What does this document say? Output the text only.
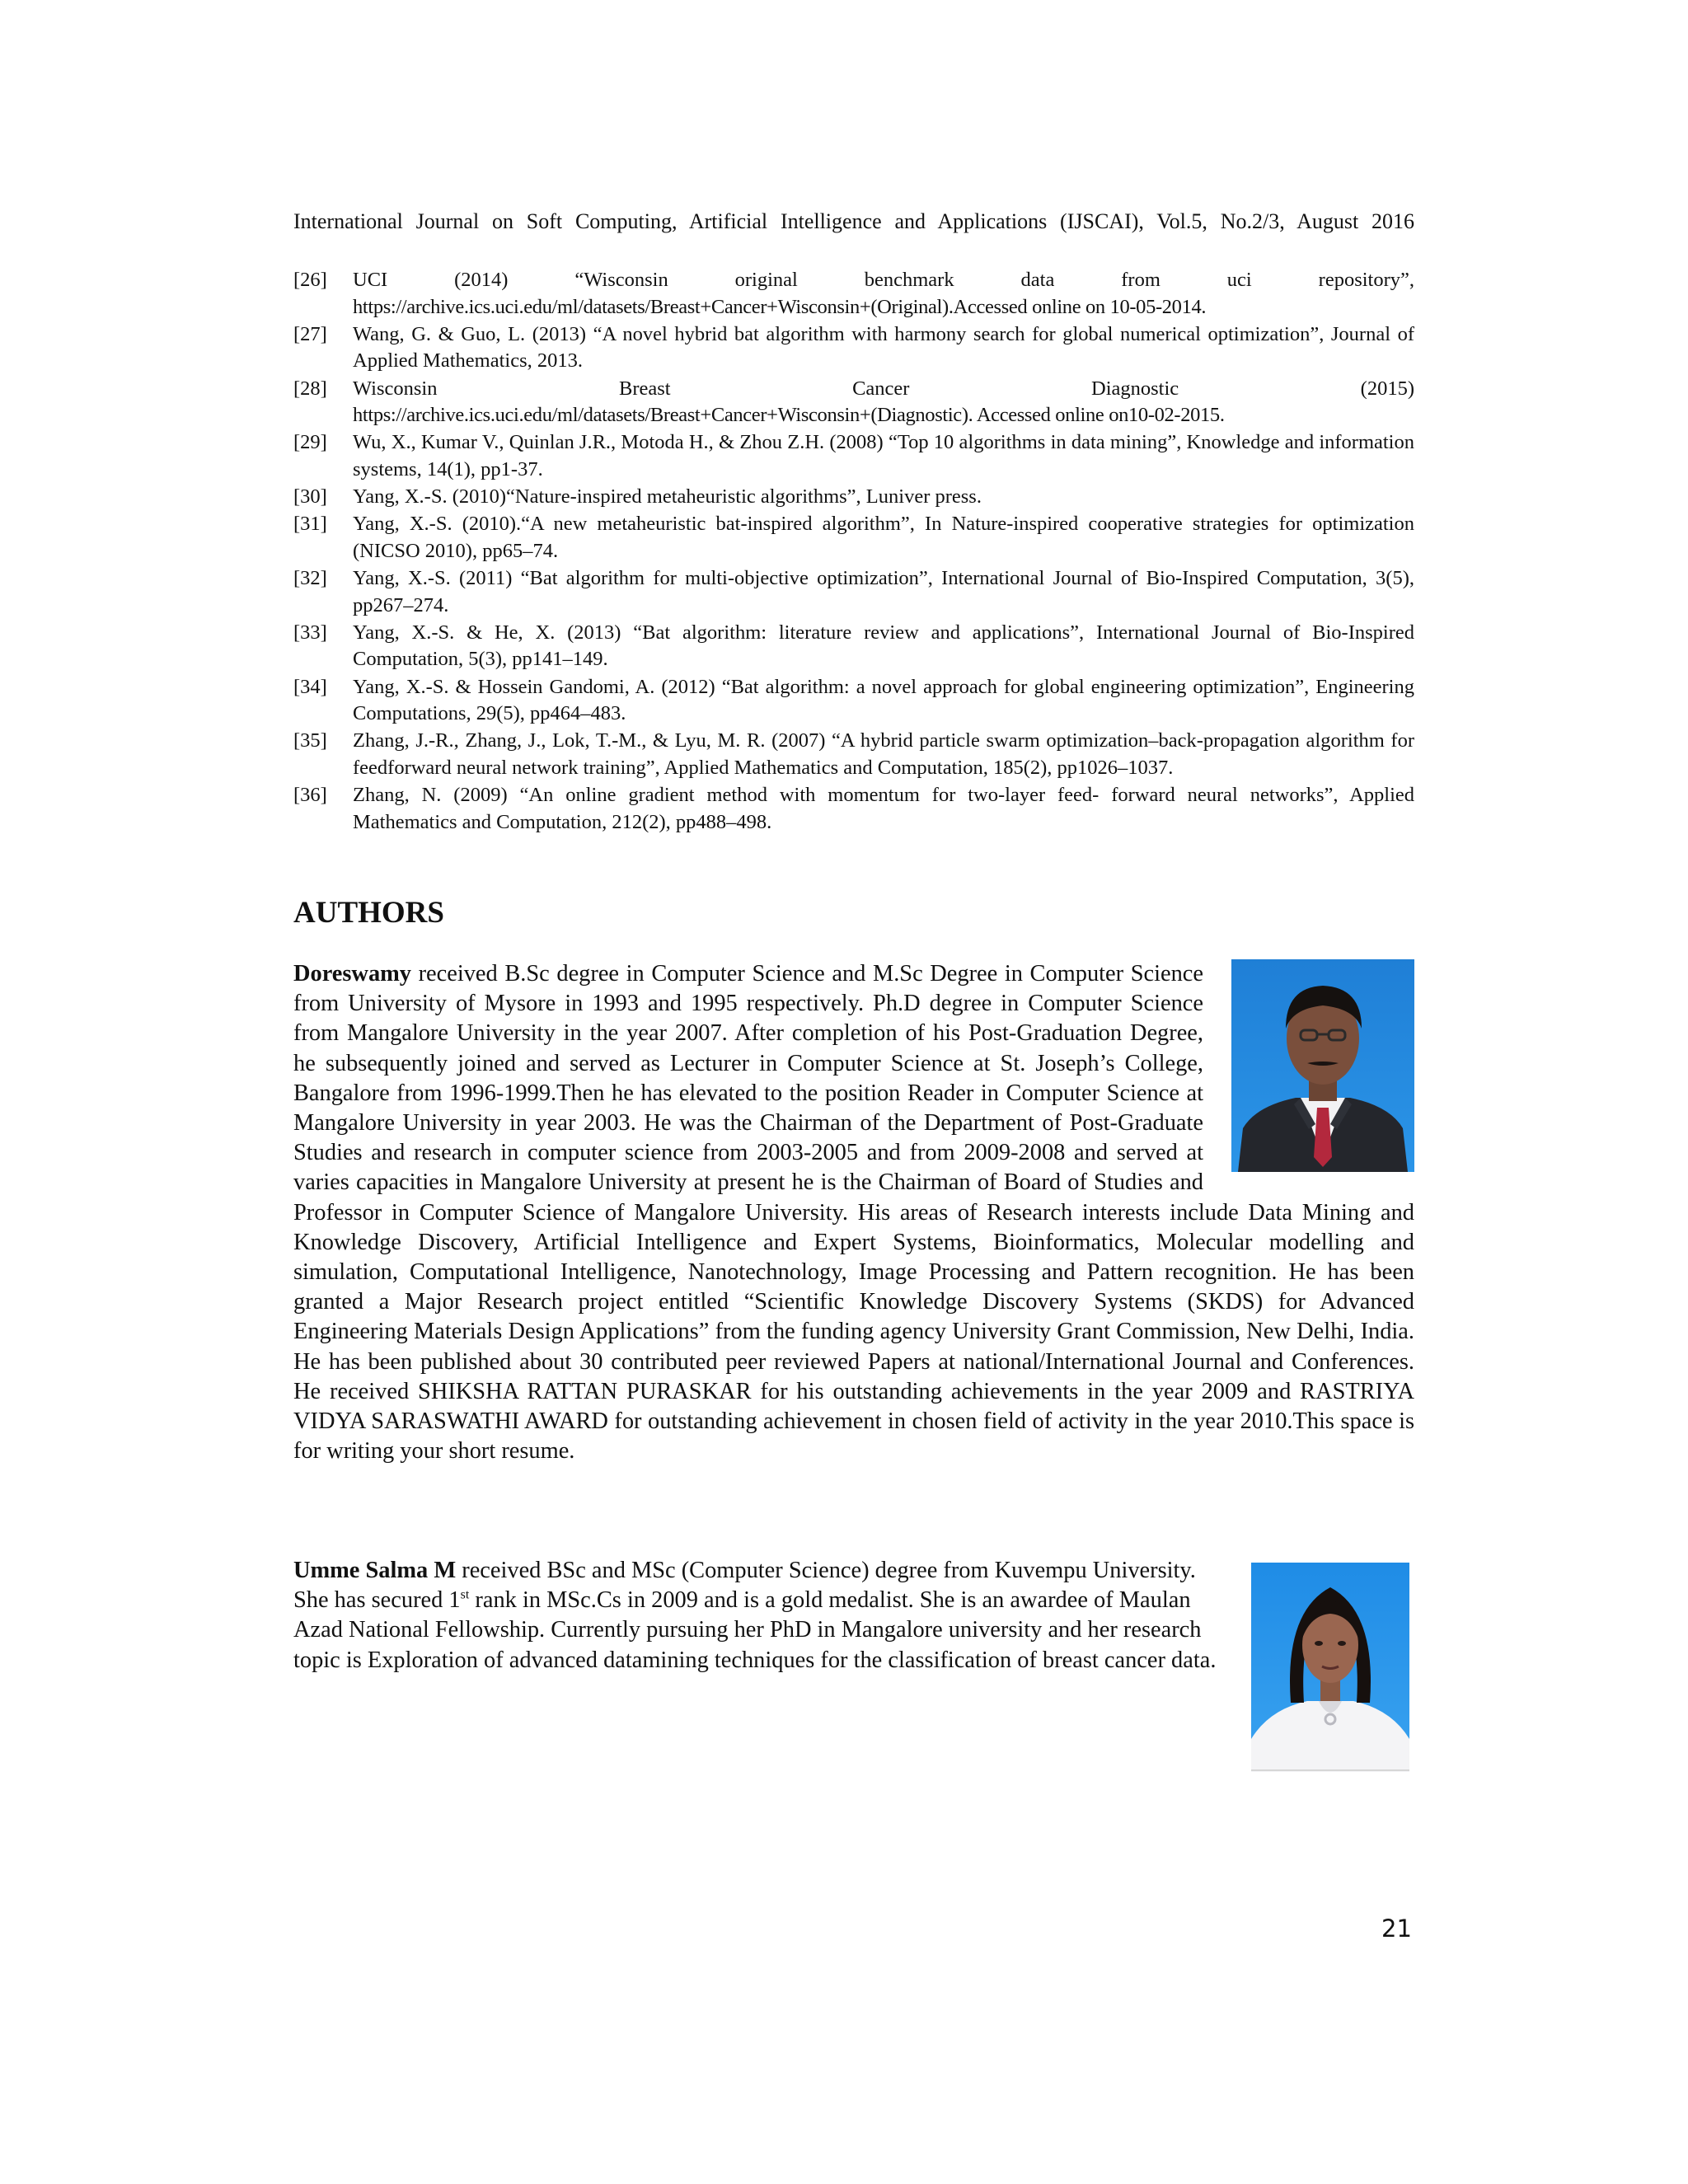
International Journal on Soft Computing, Artificial Intelligence and Applications (IJSCAI), Vol.5, No.2/3, August 2016
[26]	UCI (2014) “Wisconsin original benchmark data from uci repository”,
https://archive.ics.uci.edu/ml/datasets/Breast+Cancer+Wisconsin+(Original).Accessed online on 10-05-2014.
[27]	Wang, G. & Guo, L. (2013) “A novel hybrid bat algorithm with harmony search for global numerical optimization”, Journal of Applied Mathematics, 2013.
[28]	Wisconsin Breast Cancer Diagnostic (2015)
https://archive.ics.uci.edu/ml/datasets/Breast+Cancer+Wisconsin+(Diagnostic). Accessed online on10-02-2015.
[29]	Wu, X., Kumar V., Quinlan J.R., Motoda H., & Zhou Z.H. (2008) “Top 10 algorithms in data mining”, Knowledge and information systems, 14(1), pp1-37.
[30]	Yang, X.-S. (2010)“Nature-inspired metaheuristic algorithms”, Luniver press.
[31]	Yang, X.-S. (2010).“A new metaheuristic bat-inspired algorithm”, In Nature-inspired cooperative strategies for optimization (NICSO 2010), pp65–74.
[32]	Yang, X.-S. (2011) “Bat algorithm for multi-objective optimization”, International Journal of Bio-Inspired Computation, 3(5), pp267–274.
[33]	Yang, X.-S. & He, X. (2013) “Bat algorithm: literature review and applications”, International Journal of Bio-Inspired Computation, 5(3), pp141–149.
[34]	Yang, X.-S. & Hossein Gandomi, A. (2012) “Bat algorithm: a novel approach for global engineering optimization”, Engineering Computations, 29(5), pp464–483.
[35]	Zhang, J.-R., Zhang, J., Lok, T.-M., & Lyu, M. R. (2007) “A hybrid particle swarm optimization–back-propagation algorithm for feedforward neural network training”, Applied Mathematics and Computation, 185(2), pp1026–1037.
[36]	Zhang, N. (2009) “An online gradient method with momentum for two-layer feed- forward neural networks”, Applied Mathematics and Computation, 212(2), pp488–498.
AUTHORS
Doreswamy received B.Sc degree in Computer Science and M.Sc Degree in Computer Science from University of Mysore in 1993 and 1995 respectively. Ph.D degree in Computer Science from Mangalore University in the year 2007. After completion of his Post-Graduation Degree, he subsequently joined and served as Lecturer in Computer Science at St. Joseph’s College, Bangalore from 1996-1999.Then he has elevated to the position Reader in Computer Science at Mangalore University in year 2003. He was the Chairman of the Department of Post-Graduate Studies and research in computer science from 2003-2005 and from 2009-2008 and served at varies capacities in Mangalore University at present he is the Chairman of Board of Studies and Professor in Computer Science of Mangalore University. His areas of Research interests include Data Mining and Knowledge Discovery, Artificial Intelligence and Expert Systems, Bioinformatics, Molecular modelling and simulation, Computational Intelligence, Nanotechnology, Image Processing and Pattern recognition. He has been granted a Major Research project entitled “Scientific Knowledge Discovery Systems (SKDS) for Advanced Engineering Materials Design Applications” from the funding agency University Grant Commission, New Delhi, India. He has been published about 30 contributed peer reviewed Papers at national/International Journal and Conferences. He received SHIKSHA RATTAN PURASKAR for his outstanding achievements in the year 2009 and RASTRIYA VIDYA SARASWATHI AWARD for outstanding achievement in chosen field of activity in the year 2010.This space is for writing your short resume.
Umme Salma M received BSc and MSc (Computer Science) degree from Kuvempu University. She has secured 1st rank in MSc.Cs in 2009 and is a gold medalist. She is an awardee of Maulan Azad National Fellowship. Currently pursuing her PhD in Mangalore university and her research topic is Exploration of advanced datamining techniques for the classification of breast cancer data.
21
